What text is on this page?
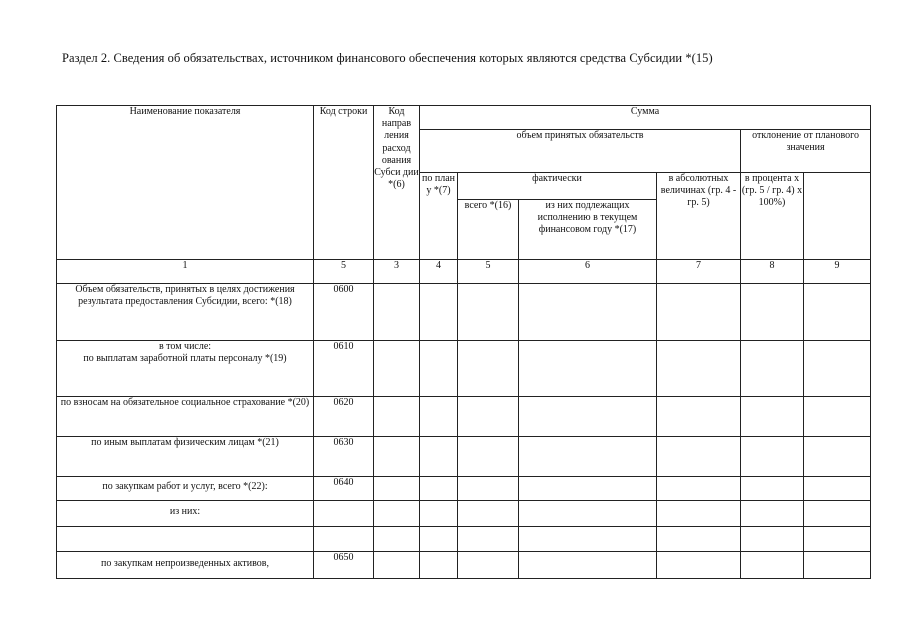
Раздел 2. Сведения об обязательствах, источником финансового обеспечения которых являются средства Субсидии *(15)
Наименование показателя	Код строки	Код направ ления расход ования Субси дии *(6)	Сумма						
			объем принятых обязательств				отклонение от планового значения	
			по план у *(7)	фактически		в абсолютных величинах (гр. 4 - гр. 5)	в процента х (гр. 5 / гр. 4) х 100%)		
				всего *(16)	из них подлежащих исполнению в текущем финансовом году *(17)				
1	5	3	4	5	6	7	8	9	
Объем обязательств, принятых в целях достижения результата предоставления Субсидии, всего: *(18)	0600								
в том числе:
по выплатам заработной платы персоналу *(19)	0610								
по взносам на обязательное социальное страхование *(20)	0620								
по иным выплатам физическим лицам *(21)	0630								
по закупкам работ и услуг, всего *(22):	0640								
из них:									

по закупкам непроизведенных активов,	0650								
